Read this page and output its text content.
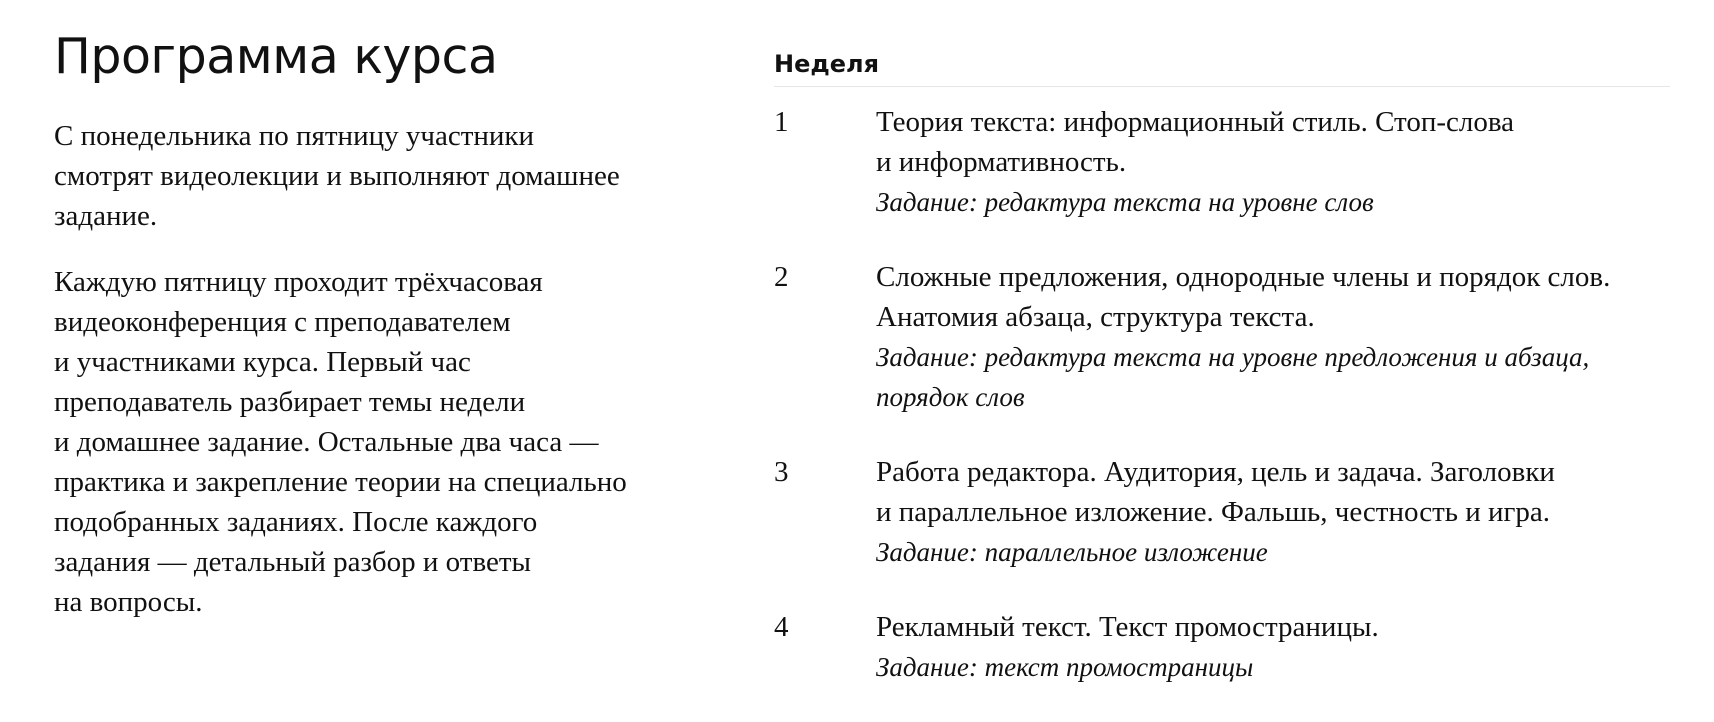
Программа курса

С понедельника по пятницу участники
смотрят видеолекции и выполняют домашнее
задание.

Каждую пятницу проходит трёхчасовая
видеоконференция с преподавателем
и участниками курса. Первый час
преподаватель разбирает темы недели
и домашнее задание. Остальные два часа —
практика и закрепление теории на специально
подобранных заданиях. После каждого
задания — детальный разбор и ответы
на вопросы.

Неделя
1	Теория текста: информационный стиль. Стоп-слова
и информативность.
Задание: редактура текста на уровне слов
2	Сложные предложения, однородные члены и порядок слов.
Анатомия абзаца, структура текста.
Задание: редактура текста на уровне предложения и абзаца, порядок слов
3	Работа редактора. Аудитория, цель и задача. Заголовки
и параллельное изложение. Фальшь, честность и игра.
Задание: параллельное изложение
4	Рекламный текст. Текст промостраницы.
Задание: текст промостраницы
